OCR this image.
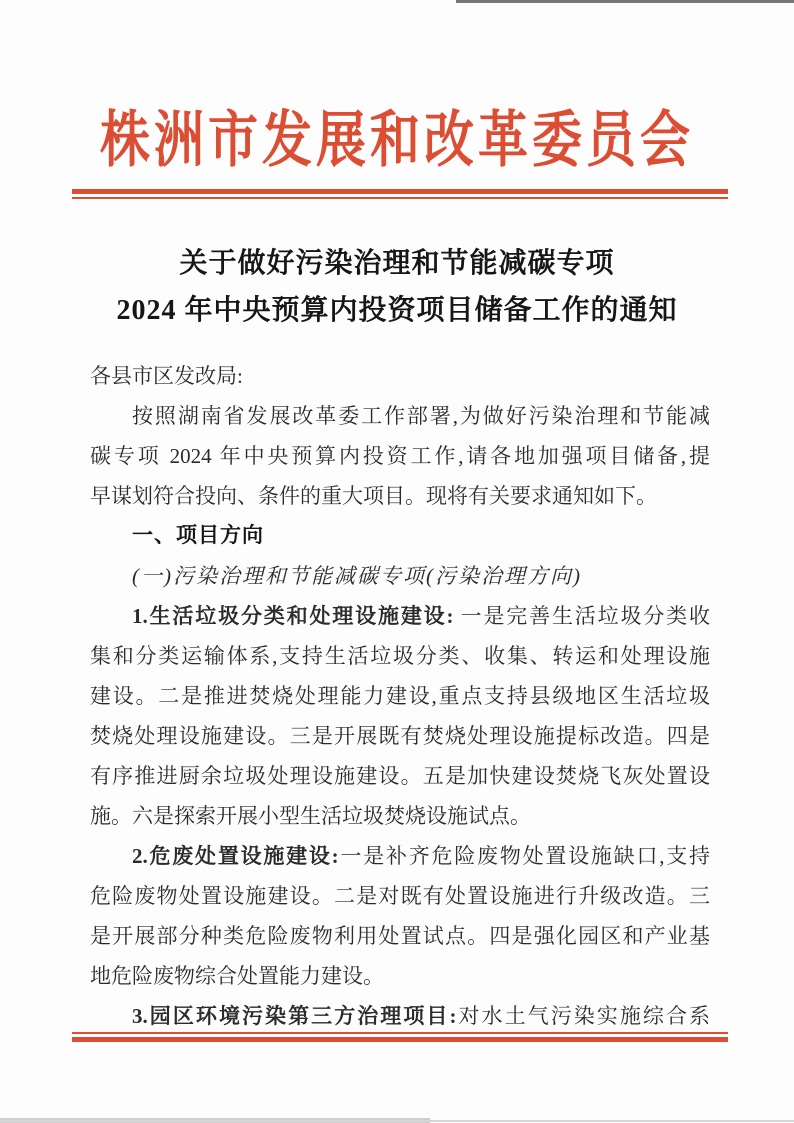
株洲市发展和改革委员会
关于做好污染治理和节能减碳专项
2024 年中央预算内投资项目储备工作的通知
各县市区发改局:
按照湖南省发展改革委工作部署,为做好污染治理和节能减
碳专项 2024 年中央预算内投资工作,请各地加强项目储备,提
早谋划符合投向、条件的重大项目。现将有关要求通知如下。
一、项目方向
(一)污染治理和节能减碳专项(污染治理方向)
1.生活垃圾分类和处理设施建设: 一是完善生活垃圾分类收
集和分类运输体系,支持生活垃圾分类、收集、转运和处理设施
建设。二是推进焚烧处理能力建设,重点支持县级地区生活垃圾
焚烧处理设施建设。三是开展既有焚烧处理设施提标改造。四是
有序推进厨余垃圾处理设施建设。五是加快建设焚烧飞灰处置设
施。六是探索开展小型生活垃圾焚烧设施试点。
2.危废处置设施建设:一是补齐危险废物处置设施缺口,支持
危险废物处置设施建设。二是对既有处置设施进行升级改造。三
是开展部分种类危险废物利用处置试点。四是强化园区和产业基
地危险废物综合处置能力建设。
3.园区环境污染第三方治理项目:对水土气污染实施综合系
